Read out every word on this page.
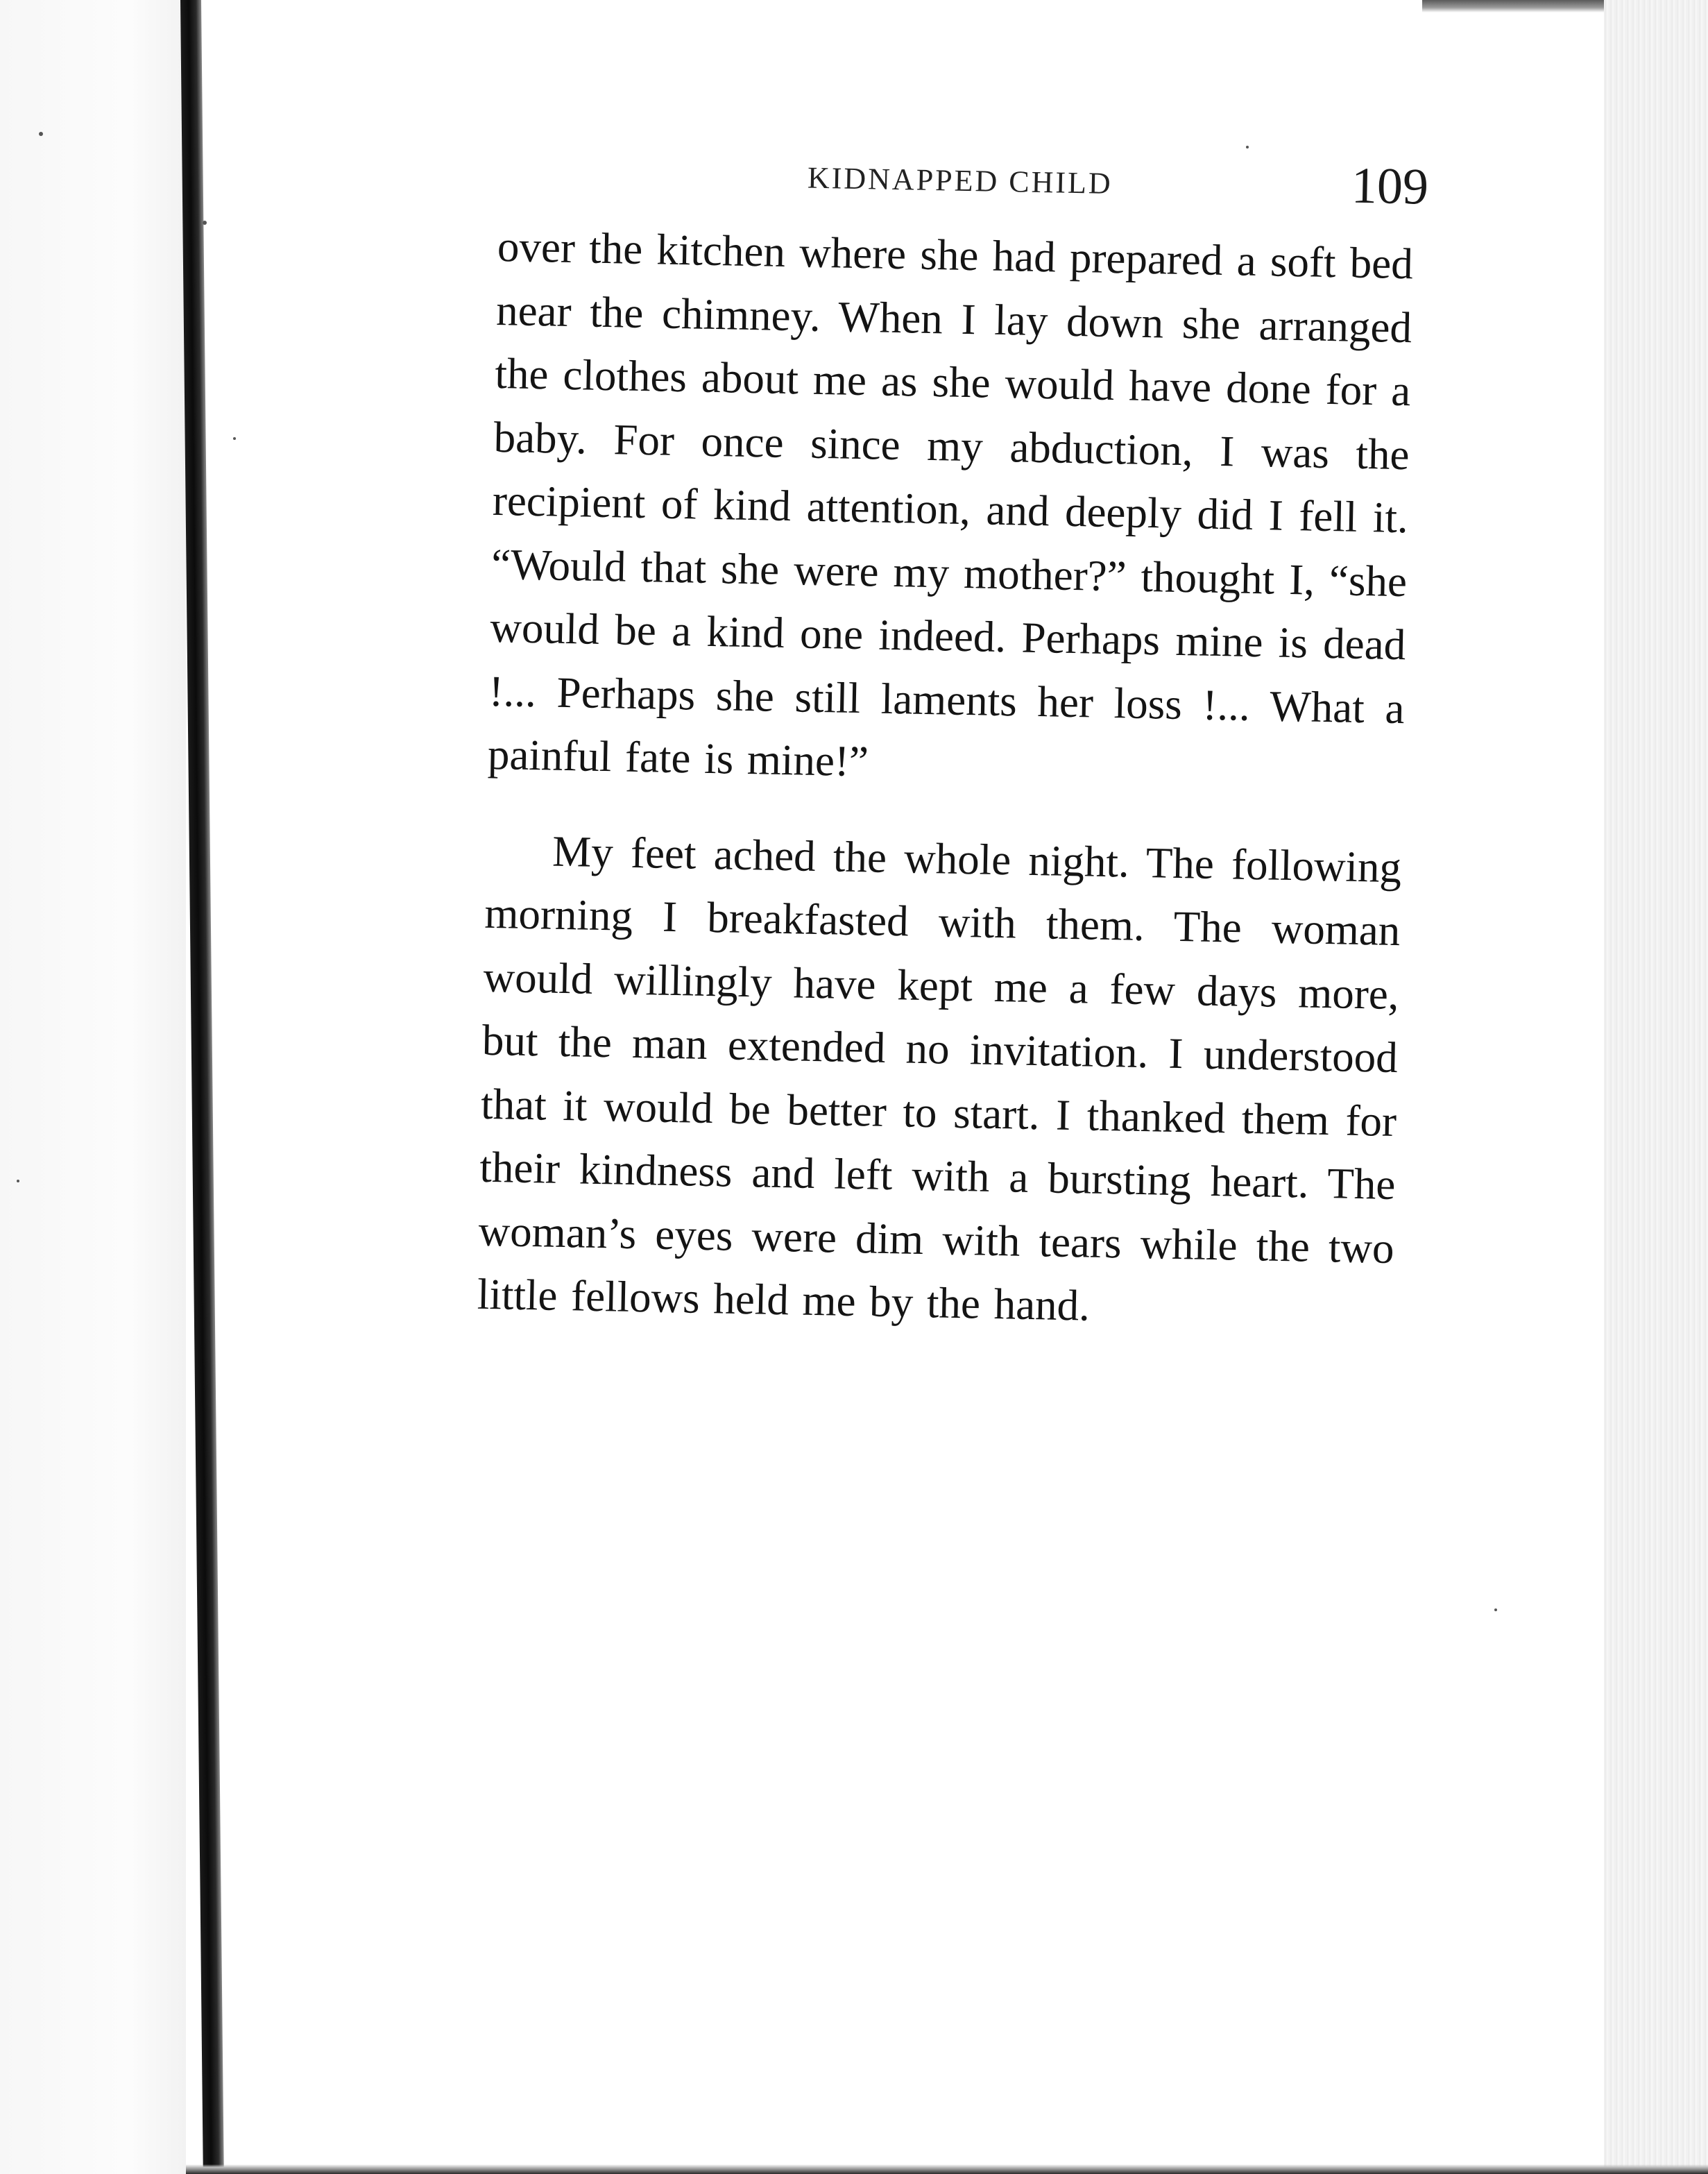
KIDNAPPED CHILD	109

over the kitchen where she had prepared a soft bed near the chimney. When I lay down she arranged the clothes about me as she would have done for a baby. For once since my abduction, I was the recipient of kind attention, and deeply did I fell it. “Would that she were my mother?” thought I, “she would be a kind one indeed. Perhaps mine is dead !... Perhaps she still laments her loss !... What a painful fate is mine!”

My feet ached the whole night. The following morning I breakfasted with them. The woman would willingly have kept me a few days more, but the man extended no invitation. I understood that it would be better to start. I thanked them for their kindness and left with a bursting heart. The woman’s eyes were dim with tears while the two little fellows held me by the hand.
